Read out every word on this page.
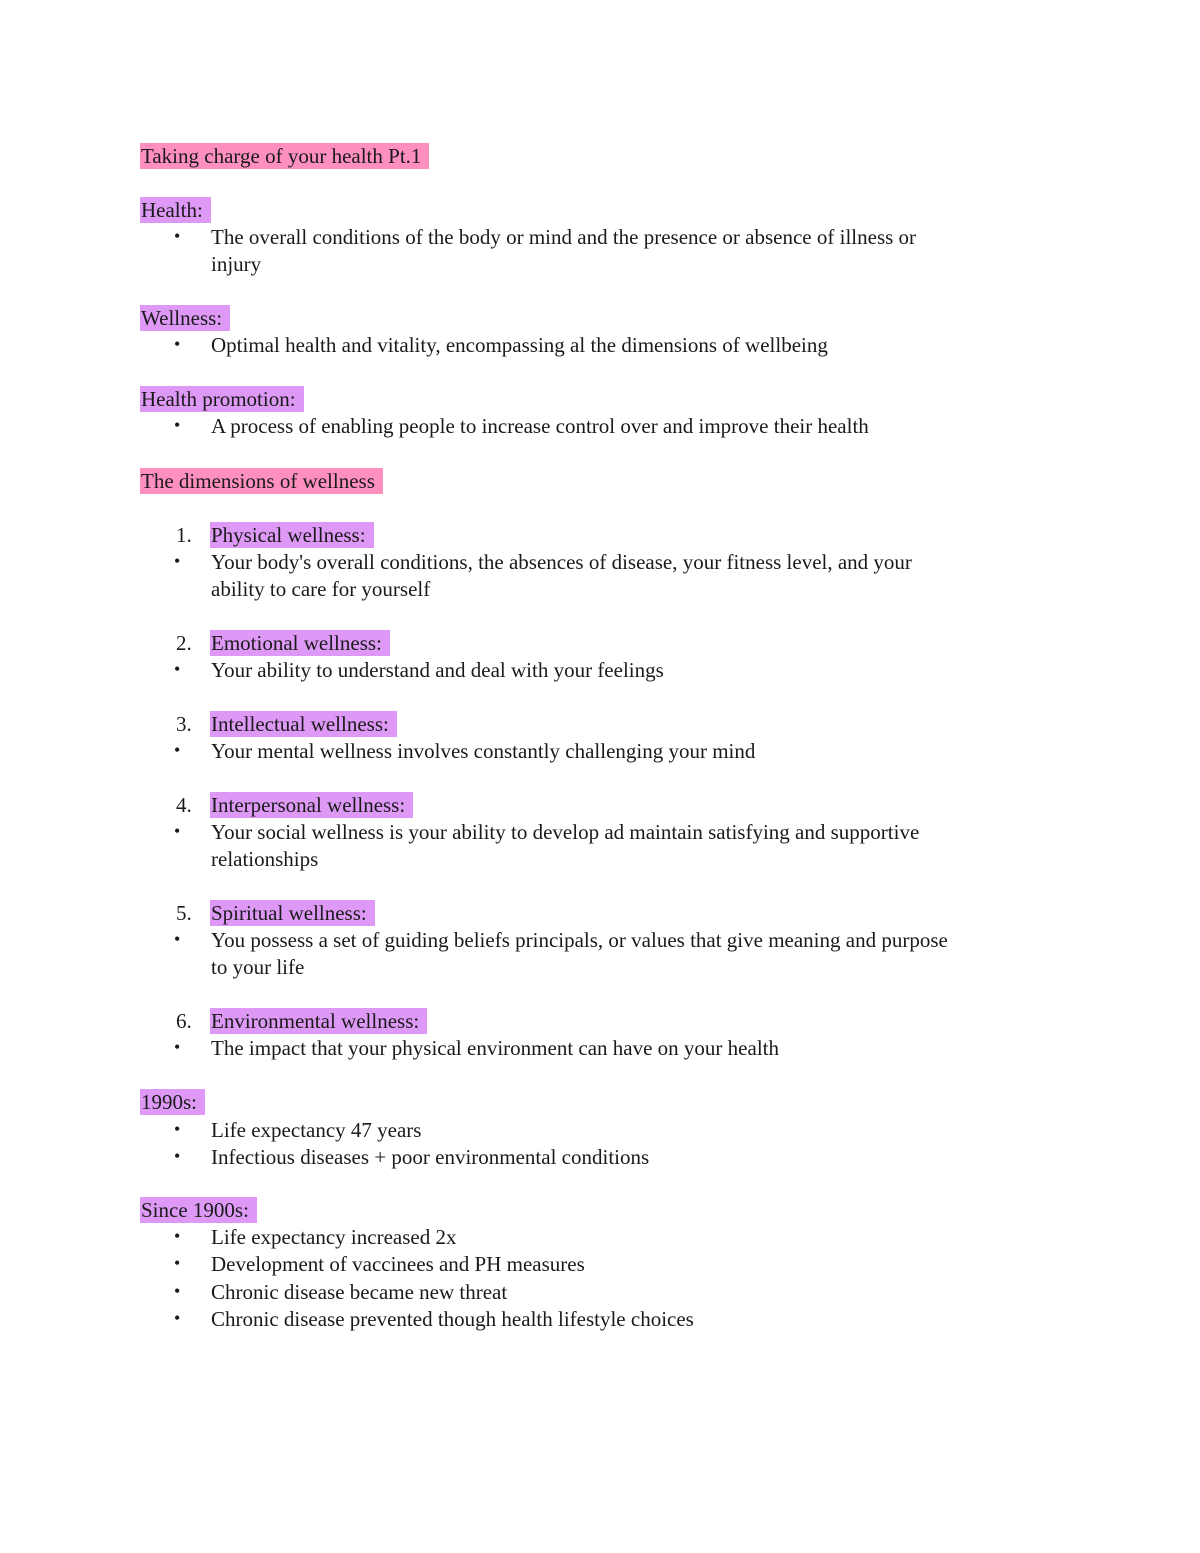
Taking charge of your health Pt.1
Health:
• The overall conditions of the body or mind and the presence or absence of illness or
injury
Wellness:
• Optimal health and vitality, encompassing al the dimensions of wellbeing
Health promotion:
• A process of enabling people to increase control over and improve their health
The dimensions of wellness
1. Physical wellness:
• Your body's overall conditions, the absences of disease, your fitness level, and your
ability to care for yourself
2. Emotional wellness:
• Your ability to understand and deal with your feelings
3. Intellectual wellness:
• Your mental wellness involves constantly challenging your mind
4. Interpersonal wellness:
• Your social wellness is your ability to develop ad maintain satisfying and supportive
relationships
5. Spiritual wellness:
• You possess a set of guiding beliefs principals, or values that give meaning and purpose
to your life
6. Environmental wellness:
• The impact that your physical environment can have on your health
1990s:
• Life expectancy 47 years
• Infectious diseases + poor environmental conditions
Since 1900s:
• Life expectancy increased 2x
• Development of vaccinees and PH measures
• Chronic disease became new threat
• Chronic disease prevented though health lifestyle choices
